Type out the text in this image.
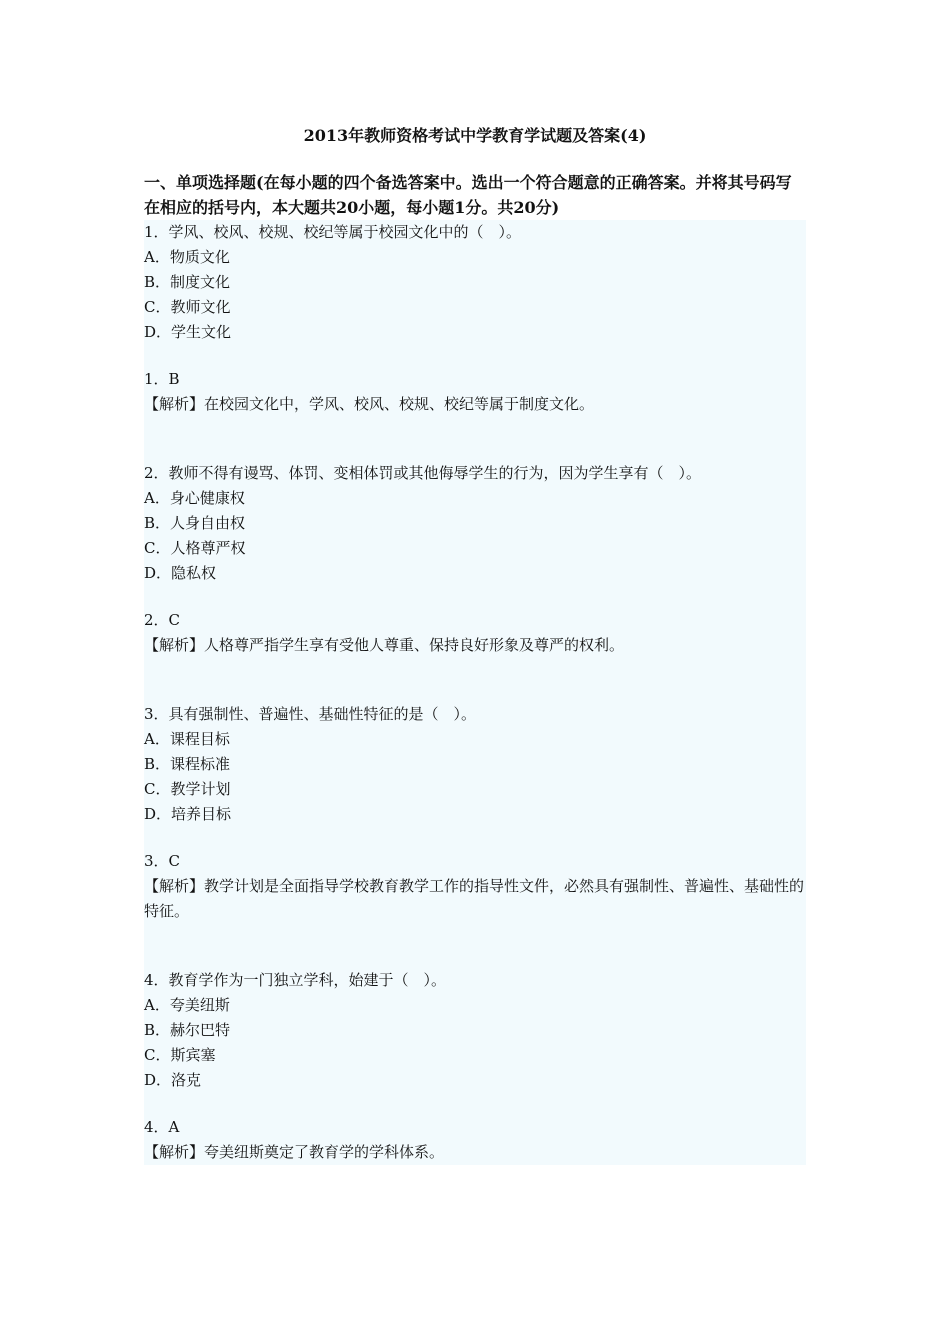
2013年教师资格考试中学教育学试题及答案(4)
一、单项选择题(在每小题的四个备选答案中。选出一个符合题意的正确答案。并将其号码写在相应的括号内，本大题共20小题，每小题1分。共20分)
1．学风、校风、校规、校纪等属于校园文化中的（　）。
A．物质文化
B．制度文化
C．教师文化
D．学生文化
1．B
【解析】在校园文化中，学风、校风、校规、校纪等属于制度文化。
2．教师不得有谩骂、体罚、变相体罚或其他侮辱学生的行为，因为学生享有（　）。
A．身心健康权
B．人身自由权
C．人格尊严权
D．隐私权
2．C
【解析】人格尊严指学生享有受他人尊重、保持良好形象及尊严的权利。
3．具有强制性、普遍性、基础性特征的是（　）。
A．课程目标
B．课程标准
C．教学计划
D．培养目标
3．C
【解析】教学计划是全面指导学校教育教学工作的指导性文件，必然具有强制性、普遍性、基础性的特征。
4．教育学作为一门独立学科，始建于（　）。
A．夸美纽斯
B．赫尔巴特
C．斯宾塞
D．洛克
4．A
【解析】夸美纽斯奠定了教育学的学科体系。
